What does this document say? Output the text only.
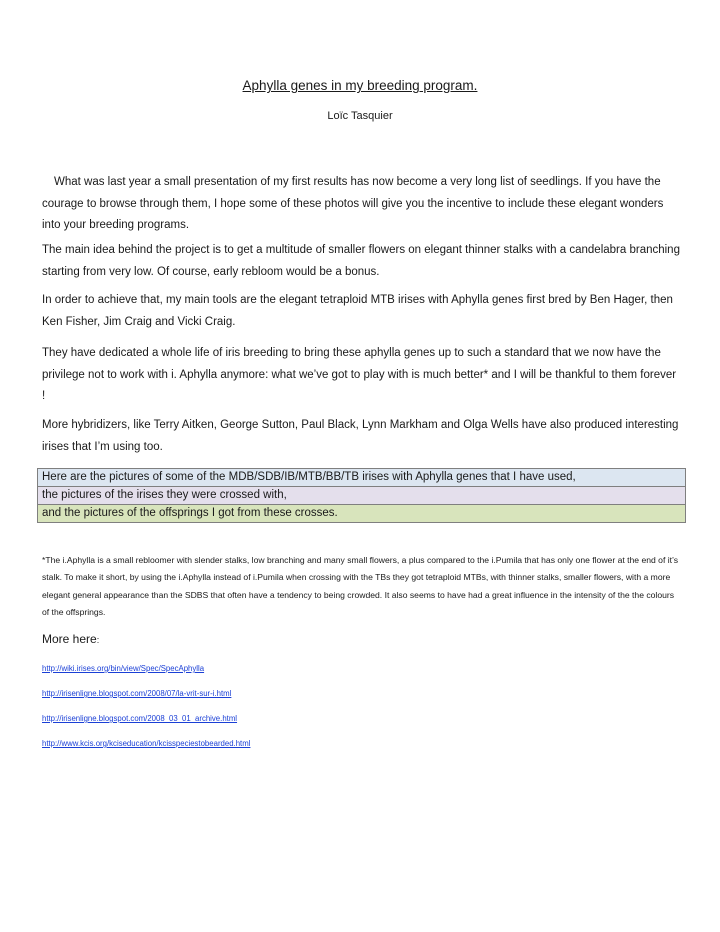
Aphylla genes in my breeding program.
Loïc Tasquier

What was last year a small presentation of my first results has now become a very long list of seedlings. If you have the courage to browse through them, I hope some of these photos will give you the incentive to include these elegant wonders into your breeding programs.

The main idea behind the project is to get a multitude of smaller flowers on elegant thinner stalks with a candelabra branching starting from very low. Of course, early rebloom would be a bonus.

In order to achieve that, my main tools are the elegant tetraploid MTB irises with Aphylla genes first bred by Ben Hager, then Ken Fisher, Jim Craig and Vicki Craig.

They have dedicated a whole life of iris breeding to bring these aphylla genes up to such a standard that we now have the privilege not to work with i. Aphylla anymore: what we’ve got to play with is much better* and I will be thankful to them forever !

More hybridizers, like Terry Aitken, George Sutton, Paul Black, Lynn Markham and Olga Wells have also produced interesting irises that I’m using too.

Here are the pictures of some of the MDB/SDB/IB/MTB/BB/TB irises with Aphylla genes that I have used,
the pictures of the irises they were crossed with,
and the pictures of the offsprings I got from these crosses.

*The i.Aphylla is a small rebloomer with slender stalks, low branching and many small flowers, a plus compared to the i.Pumila that has only one flower at the end of it’s stalk. To make it short, by using the i.Aphylla instead of i.Pumila when crossing with the TBs they got tetraploid MTBs, with thinner stalks, smaller flowers, with a more elegant general appearance than the SDBS that often have a tendency to being crowded. It also seems to have had a great influence in the intensity of the the colours of the offsprings.

More here:
http://wiki.irises.org/bin/view/Spec/SpecAphylla
http://irisenligne.blogspot.com/2008/07/la-vrit-sur-i.html
http://irisenligne.blogspot.com/2008_03_01_archive.html
http://www.kcis.org/kciseducation/kcisspeciestobearded.html
